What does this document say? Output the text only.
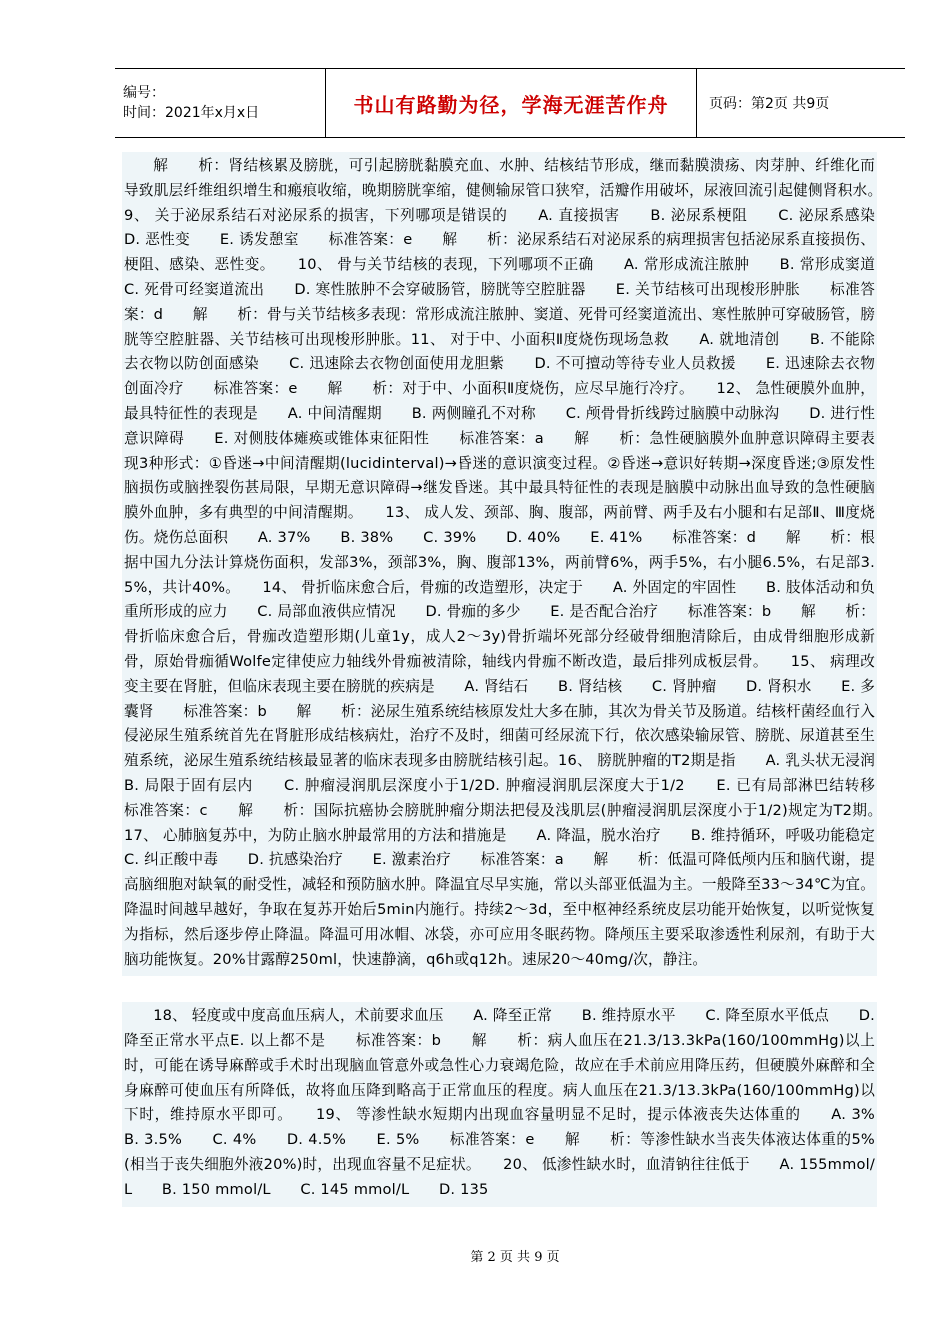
编号：
时间：2021年x月x日	书山有路勤为径，学海无涯苦作舟	页码：第2页 共9页

解　　析：肾结核累及膀胱，可引起膀胱黏膜充血、水肿、结核结节形成，继而黏膜溃疡、肉芽肿、纤维化而导致肌层纤维组织增生和瘢痕收缩，晚期膀胱挛缩，健侧输尿管口狭窄，活瓣作用破坏，尿液回流引起健侧肾积水。　　9、 关于泌尿系结石对泌尿系的损害，下列哪项是错误的　　A. 直接损害　　B. 泌尿系梗阻　　C. 泌尿系感染　　D. 恶性变　　E. 诱发憩室　　标准答案：e　　解　　析：泌尿系结石对泌尿系的病理损害包括泌尿系直接损伤、梗阻、感染、恶性变。　　10、 骨与关节结核的表现，下列哪项不正确　　A. 常形成流注脓肿　　B. 常形成窦道　　C. 死骨可经窦道流出　　D. 寒性脓肿不会穿破肠管，膀胱等空腔脏器　　E. 关节结核可出现梭形肿胀　　标准答案：d　　解　　析：骨与关节结核多表现：常形成流注脓肿、窦道、死骨可经窦道流出、寒性脓肿可穿破肠管，膀胱等空腔脏器、关节结核可出现梭形肿胀。11、 对于中、小面积Ⅱ度烧伤现场急救　　A. 就地清创　　B. 不能除去衣物以防创面感染　　C. 迅速除去衣物创面使用龙胆紫　　D. 不可擅动等待专业人员救援　　E. 迅速除去衣物创面冷疗　　标准答案：e　　解　　析：对于中、小面积Ⅱ度烧伤，应尽早施行冷疗。　　12、 急性硬膜外血肿，最具特征性的表现是　　A. 中间清醒期　　B. 两侧瞳孔不对称　　C. 颅骨骨折线跨过脑膜中动脉沟　　D. 进行性意识障碍　　E. 对侧肢体瘫痪或锥体束征阳性　　标准答案：a　　解　　析：急性硬脑膜外血肿意识障碍主要表现3种形式：①昏迷→中间清醒期(lucidinterval)→昏迷的意识演变过程。②昏迷→意识好转期→深度昏迷;③原发性脑损伤或脑挫裂伤甚局限，早期无意识障碍→继发昏迷。其中最具特征性的表现是脑膜中动脉出血导致的急性硬脑膜外血肿，多有典型的中间清醒期。　　13、 成人发、颈部、胸、腹部，两前臂、两手及右小腿和右足部Ⅱ、Ⅲ度烧伤。烧伤总面积　　A. 37%　　B. 38%　　C. 39%　　D. 40%　　E. 41%　　标准答案：d　　解　　析：根据中国九分法计算烧伤面积，发部3%，颈部3%，胸、腹部13%，两前臂6%，两手5%，右小腿6.5%，右足部3.5%，共计40%。　　14、 骨折临床愈合后，骨痂的改造塑形，决定于　　A. 外固定的牢固性　　B. 肢体活动和负重所形成的应力　　C. 局部血液供应情况　　D. 骨痂的多少　　E. 是否配合治疗　　标准答案：b　　解　　析：骨折临床愈合后，骨痂改造塑形期(儿童1y，成人2～3y)骨折端坏死部分经破骨细胞清除后，由成骨细胞形成新骨，原始骨痂循Wolfe定律使应力轴线外骨痂被清除，轴线内骨痂不断改造，最后排列成板层骨。　　15、 病理改变主要在肾脏，但临床表现主要在膀胱的疾病是　　A. 肾结石　　B. 肾结核　　C. 肾肿瘤　　D. 肾积水　　E. 多囊肾　　标准答案：b　　解　　析：泌尿生殖系统结核原发灶大多在肺，其次为骨关节及肠道。结核杆菌经血行入侵泌尿生殖系统首先在肾脏形成结核病灶，治疗不及时，细菌可经尿流下行，依次感染输尿管、膀胱、尿道甚至生殖系统，泌尿生殖系统结核最显著的临床表现多由膀胱结核引起。16、 膀胱肿瘤的T2期是指　　A. 乳头状无浸润　　B. 局限于固有层内　　C. 肿瘤浸润肌层深度小于1/2D. 肿瘤浸润肌层深度大于1/2　　E. 已有局部淋巴结转移　　标准答案：c　　解　　析：国际抗癌协会膀胱肿瘤分期法把侵及浅肌层(肿瘤浸润肌层深度小于1/2)规定为T2期。　　17、 心肺脑复苏中，为防止脑水肿最常用的方法和措施是　　A. 降温，脱水治疗　　B. 维持循环，呼吸功能稳定　　C. 纠正酸中毒　　D. 抗感染治疗　　E. 激素治疗　　标准答案：a　　解　　析：低温可降低颅内压和脑代谢，提高脑细胞对缺氧的耐受性，减轻和预防脑水肿。降温宜尽早实施，常以头部亚低温为主。一般降至33～34℃为宜。降温时间越早越好，争取在复苏开始后5min内施行。持续2～3d，至中枢神经系统皮层功能开始恢复，以听觉恢复为指标，然后逐步停止降温。降温可用冰帽、冰袋，亦可应用冬眠药物。降颅压主要采取渗透性利尿剂，有助于大脑功能恢复。20%甘露醇250ml，快速静滴，q6h或q12h。速尿20～40mg/次，静注。

18、 轻度或中度高血压病人，术前要求血压　　A. 降至正常　　B. 维持原水平　　C. 降至原水平低点　　D. 降至正常水平点E. 以上都不是　　标准答案：b　　解　　析：病人血压在21.3/13.3kPa(160/100mmHg)以上时，可能在诱导麻醉或手术时出现脑血管意外或急性心力衰竭危险，故应在手术前应用降压药，但硬膜外麻醉和全身麻醉可使血压有所降低，故将血压降到略高于正常血压的程度。病人血压在21.3/13.3kPa(160/100mmHg)以下时，维持原水平即可。　　19、 等渗性缺水短期内出现血容量明显不足时，提示体液丧失达体重的　　A. 3%　　B. 3.5%　　C. 4%　　D. 4.5%　　E. 5%　　标准答案：e　　解　　析：等渗性缺水当丧失体液达体重的5%(相当于丧失细胞外液20%)时，出现血容量不足症状。　　20、 低渗性缺水时，血清钠往往低于　　A. 155mmol/L　　B. 150 mmol/L　　C. 145 mmol/L　　D. 135

第 2 页 共 9 页
